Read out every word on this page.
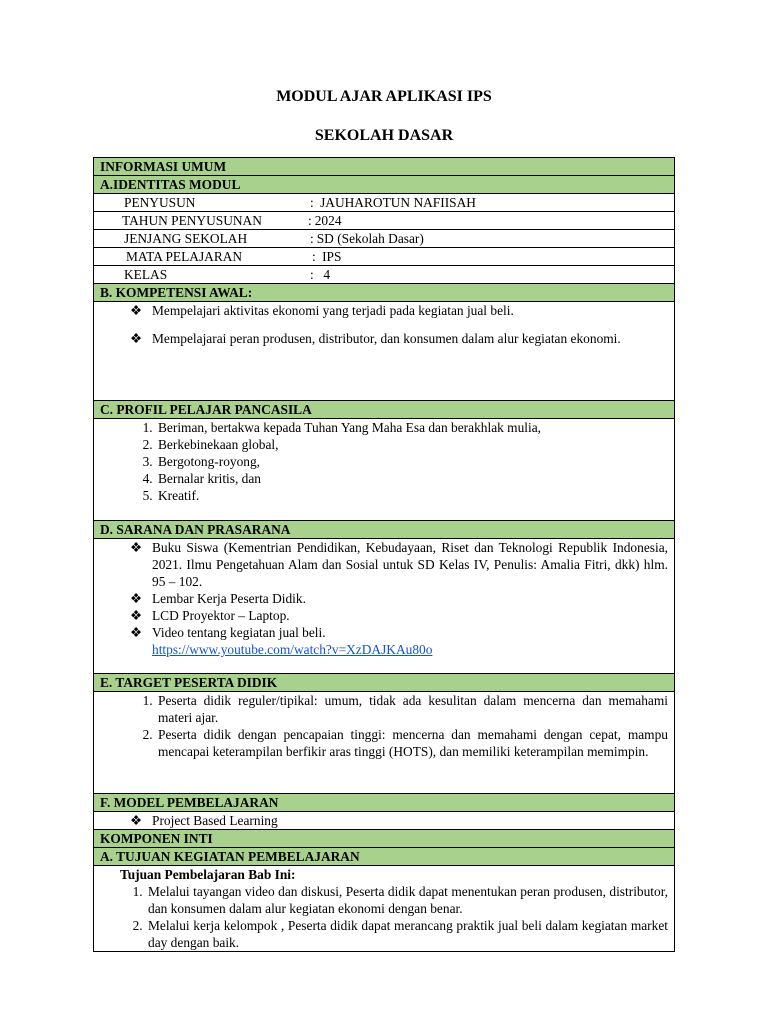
MODUL AJAR APLIKASI IPS
SEKOLAH DASAR
INFORMASI UMUM
A.IDENTITAS MODUL

PENYUSUN	: JAUHAROTUN NAFIISAH

TAHUN PENYUSUNAN	: 2024

JENJANG SEKOLAH	: SD (Sekolah Dasar)

MATA PELAJARAN	: IPS

KELAS	: 4

B. KOMPETENSI AWAL:

❖ Mempelajari aktivitas ekonomi yang terjadi pada kegiatan jual beli.
❖ Mempelajarai peran produsen, distributor, dan konsumen dalam alur kegiatan ekonomi.

C. PROFIL PELAJAR PANCASILA

1. Beriman, bertakwa kepada Tuhan Yang Maha Esa dan berakhlak mulia,
2. Berkebinekaan global,
3. Bergotong-royong,
4. Bernalar kritis, dan
5. Kreatif.

D. SARANA DAN PRASARANA

❖ Buku Siswa (Kementrian Pendidikan, Kebudayaan, Riset dan Teknologi Republik Indonesia, 2021. Ilmu Pengetahuan Alam dan Sosial untuk SD Kelas IV, Penulis: Amalia Fitri, dkk) hlm. 95 – 102.
❖ Lembar Kerja Peserta Didik.
❖ LCD Proyektor – Laptop.
❖ Video tentang kegiatan jual beli.
https://www.youtube.com/watch?v=XzDAJKAu80o

E. TARGET PESERTA DIDIK

1. Peserta didik reguler/tipikal: umum, tidak ada kesulitan dalam mencerna dan memahami materi ajar.
2. Peserta didik dengan pencapaian tinggi: mencerna dan memahami dengan cepat, mampu mencapai keterampilan berfikir aras tinggi (HOTS), dan memiliki keterampilan memimpin.

F. MODEL PEMBELAJARAN

❖ Project Based Learning

KOMPONEN INTI
A. TUJUAN KEGIATAN PEMBELAJARAN

Tujuan Pembelajaran Bab Ini:
1. Melalui tayangan video dan diskusi, Peserta didik dapat menentukan peran produsen, distributor, dan konsumen dalam alur kegiatan ekonomi dengan benar.
2. Melalui kerja kelompok , Peserta didik dapat merancang praktik jual beli dalam kegiatan market day dengan baik.
